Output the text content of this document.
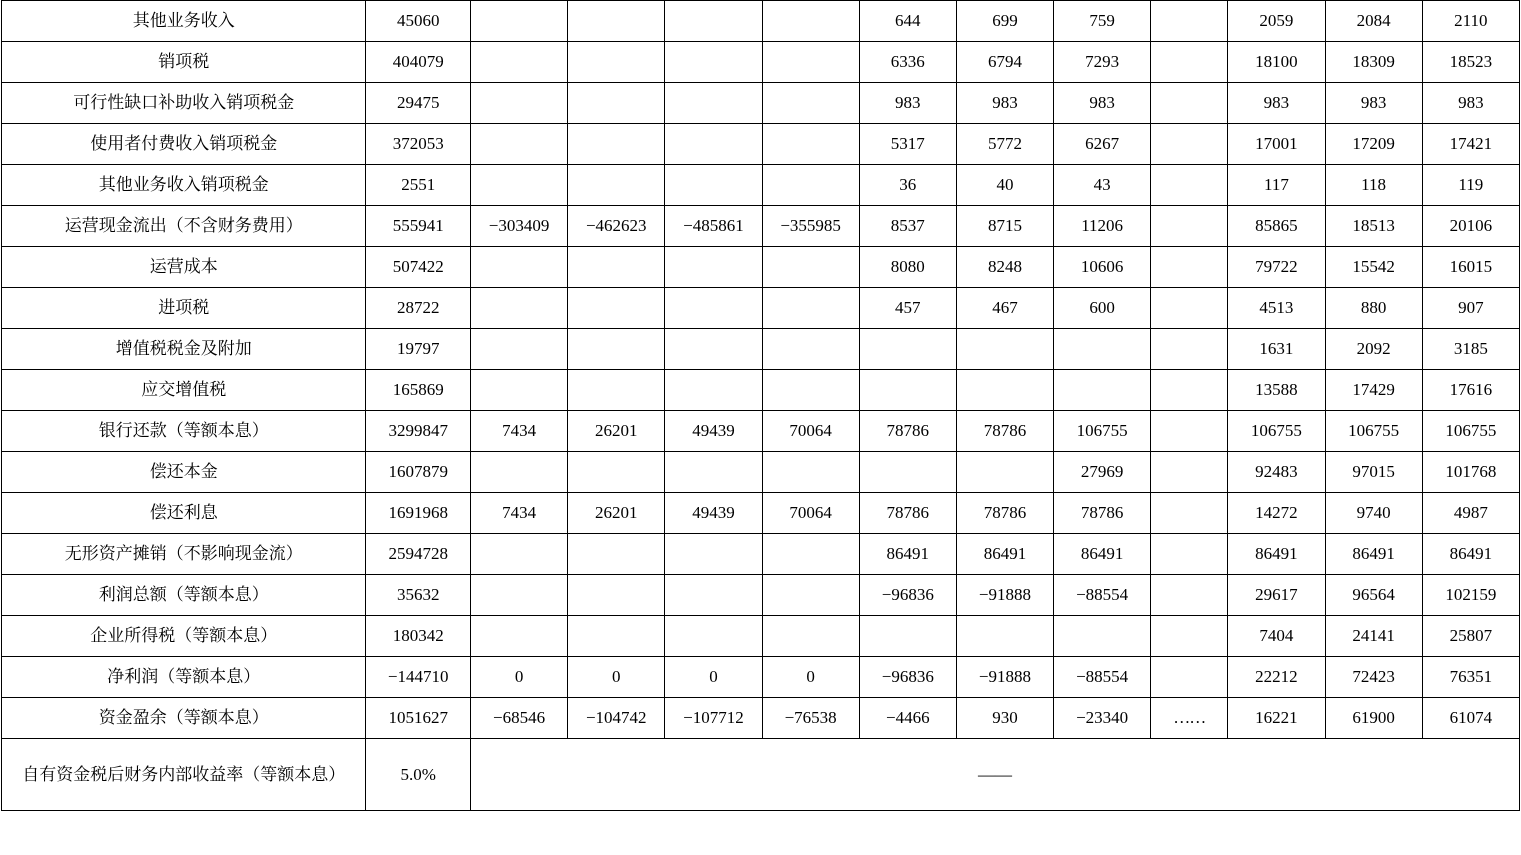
其他业务收入	45060					644	699	759		2059	2084	2110
销项税	404079					6336	6794	7293		18100	18309	18523
可行性缺口补助收入销项税金	29475					983	983	983		983	983	983
使用者付费收入销项税金	372053					5317	5772	6267		17001	17209	17421
其他业务收入销项税金	2551					36	40	43		117	118	119
运营现金流出（不含财务费用）	555941	−303409	−462623	−485861	−355985	8537	8715	11206		85865	18513	20106
运营成本	507422					8080	8248	10606		79722	15542	16015
进项税	28722					457	467	600		4513	880	907
增值税税金及附加	19797									1631	2092	3185
应交增值税	165869									13588	17429	17616
银行还款（等额本息）	3299847	7434	26201	49439	70064	78786	78786	106755		106755	106755	106755
偿还本金	1607879							27969		92483	97015	101768
偿还利息	1691968	7434	26201	49439	70064	78786	78786	78786		14272	9740	4987
无形资产摊销（不影响现金流）	2594728					86491	86491	86491		86491	86491	86491
利润总额（等额本息）	35632					−96836	−91888	−88554		29617	96564	102159
企业所得税（等额本息）	180342									7404	24141	25807
净利润（等额本息）	−144710	0	0	0	0	−96836	−91888	−88554		22212	72423	76351
资金盈余（等额本息）	1051627	−68546	−104742	−107712	−76538	−4466	930	−23340	……	16221	61900	61074
自有资金税后财务内部收益率（等额本息）	5.0%	——										
